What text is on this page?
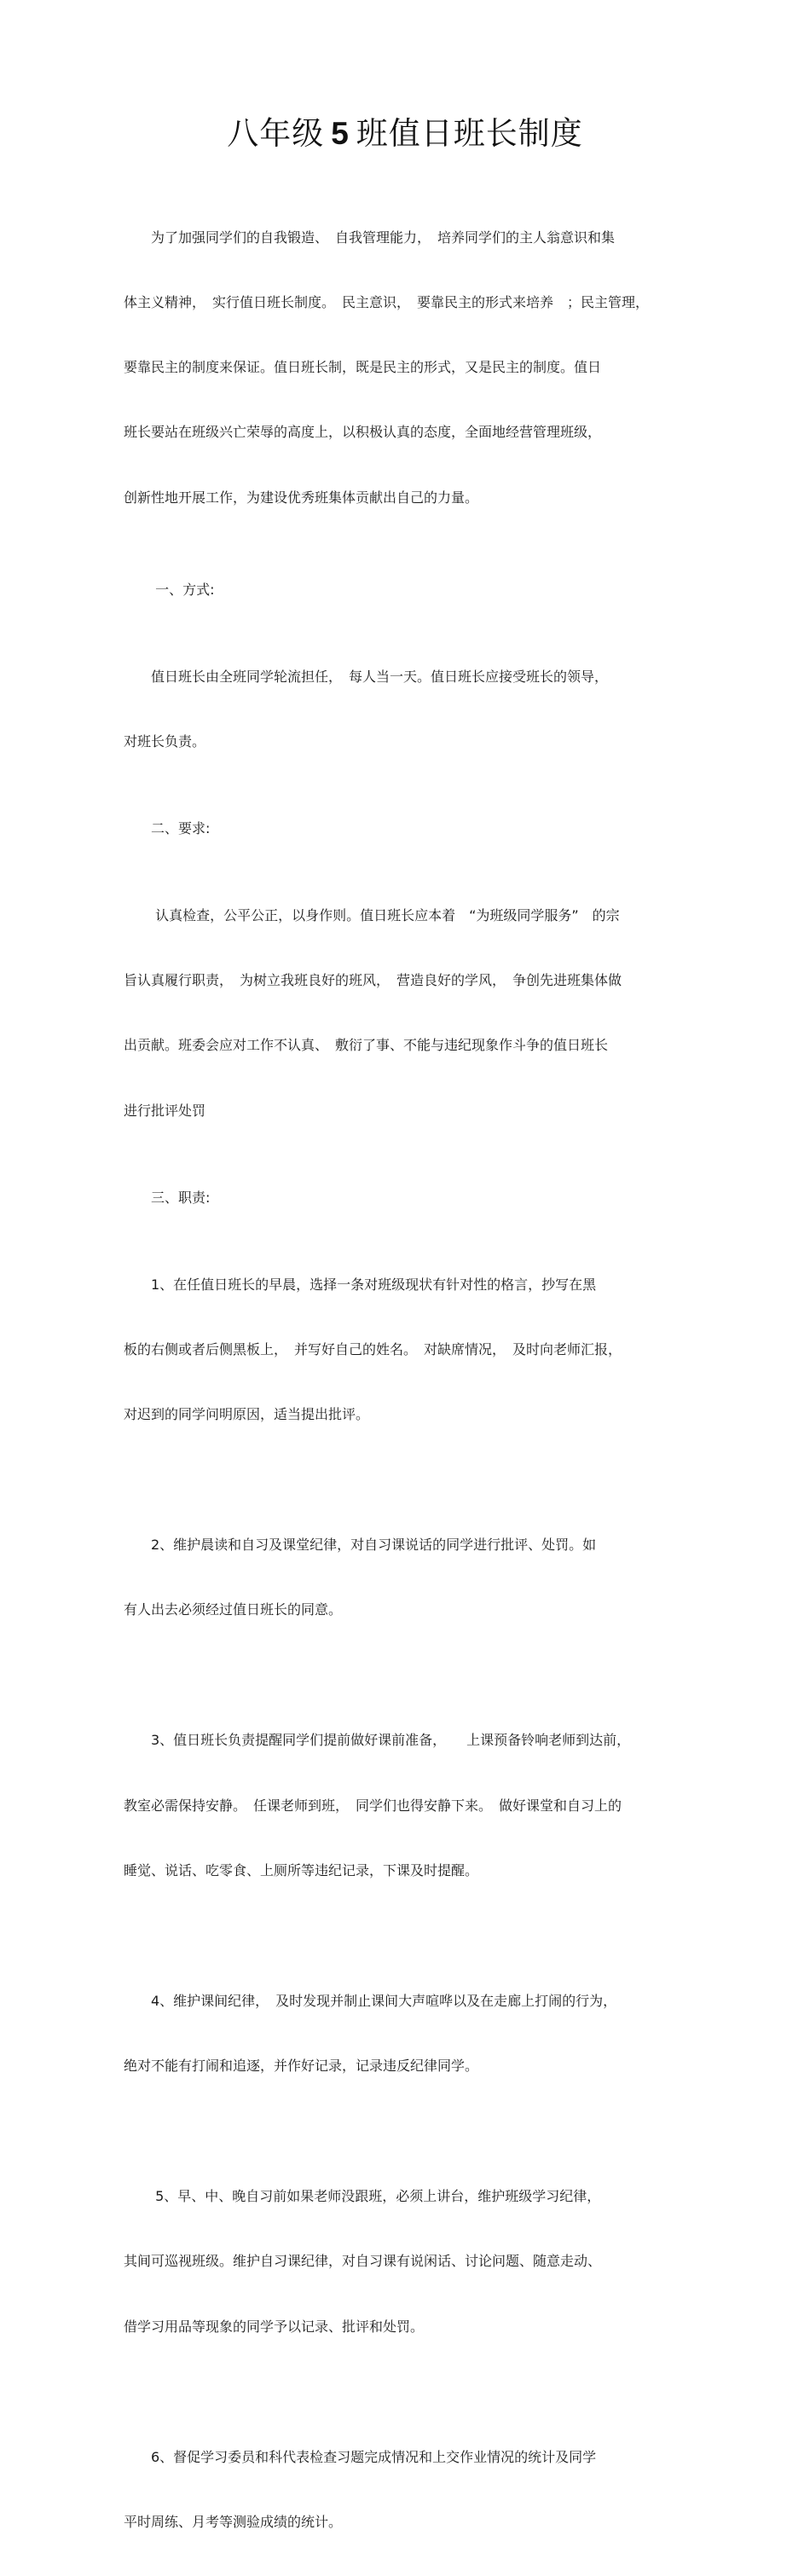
八年级 5 班值日班长制度

　　为了加强同学们的自我锻造、　自我管理能力，　培养同学们的主人翁意识和集

体主义精神，　实行值日班长制度。　民主意识，　要靠民主的形式来培养　；民主管理，

要靠民主的制度来保证。值日班长制，既是民主的形式，又是民主的制度。值日

班长要站在班级兴亡荣辱的高度上，以积极认真的态度，全面地经营管理班级，

创新性地开展工作，为建设优秀班集体贡献出自己的力量。

　　 一、方式:

　　值日班长由全班同学轮流担任，　每人当一天。值日班长应接受班长的领导，

对班长负责。

　　二、要求:

　　 认真检查，公平公正，以身作则。值日班长应本着　“为班级同学服务”　的宗

旨认真履行职责，　为树立我班良好的班风，　营造良好的学风，　争创先进班集体做

出贡献。班委会应对工作不认真、　敷衍了事、不能与违纪现象作斗争的值日班长

进行批评处罚

　　三、职责:

　　1、在任值日班长的早晨，选择一条对班级现状有针对性的格言，抄写在黑

板的右侧或者后侧黑板上，　并写好自己的姓名。　对缺席情况，　及时向老师汇报，

对迟到的同学问明原因，适当提出批评。

　　2、维护晨读和自习及课堂纪律，对自习课说话的同学进行批评、处罚。如

有人出去必须经过值日班长的同意。

　　3、值日班长负责提醒同学们提前做好课前准备，　　上课预备铃响老师到达前，

教室必需保持安静。　任课老师到班，　同学们也得安静下来。　做好课堂和自习上的

睡觉、说话、吃零食、上厕所等违纪记录，下课及时提醒。

　　4、维护课间纪律，　及时发现并制止课间大声喧哗以及在走廊上打闹的行为，

绝对不能有打闹和追逐，并作好记录，记录违反纪律同学。

　　 5、早、中、晚自习前如果老师没跟班，必须上讲台，维护班级学习纪律，

其间可巡视班级。维护自习课纪律，对自习课有说闲话、讨论问题、随意走动、

借学习用品等现象的同学予以记录、批评和处罚。

　　6、督促学习委员和科代表检查习题完成情况和上交作业情况的统计及同学

平时周练、月考等测验成绩的统计。
